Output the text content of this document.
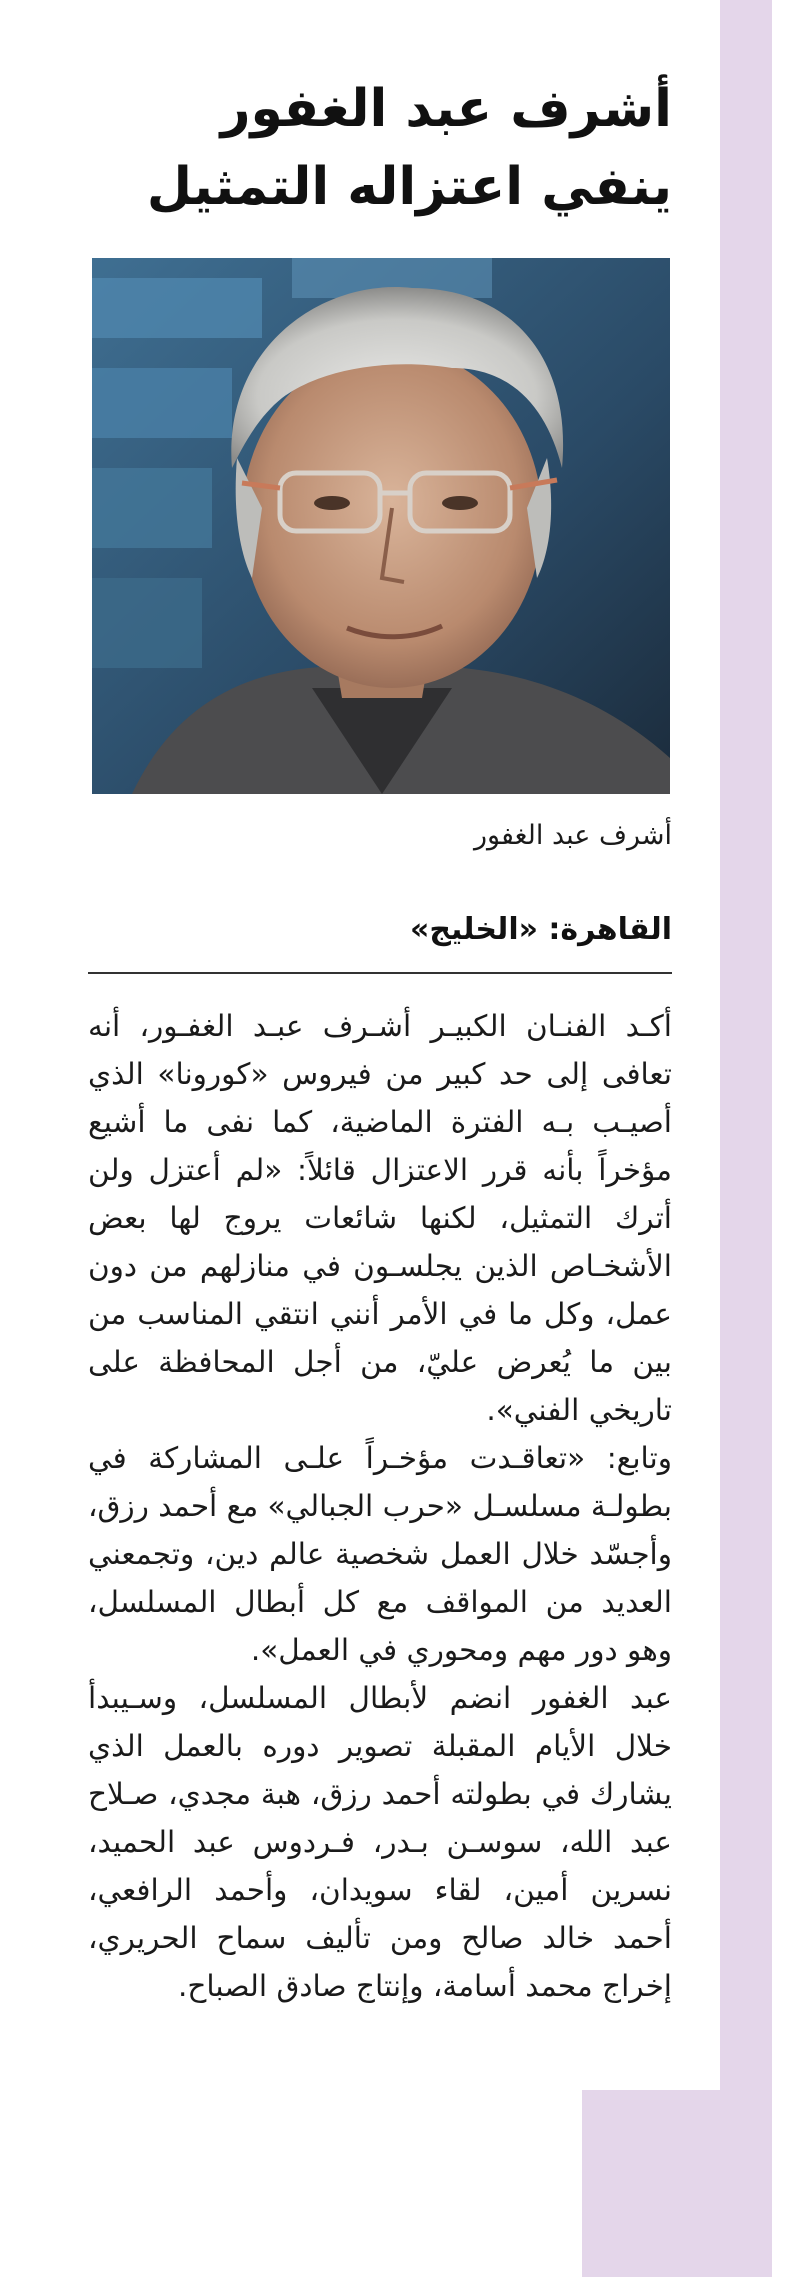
أشرف عبد الغفور
ينفي اعتزاله التمثيل
أشرف عبد الغفور
القاهرة: «الخليج»

أكـد الفنـان الكبيـر أشـرف عبـد الغفـور، أنه تعافى إلى حد كبير من فيروس «كورونا» الذي أصيـب بـه الفترة الماضية، كما نفى ما أشيع مؤخراً بأنه قرر الاعتزال قائلاً: «لم أعتزل ولن أترك التمثيل، لكنها شائعات يروج لها بعض الأشخـاص الذين يجلسـون في منازلهم من دون عمل، وكل ما في الأمر أنني انتقي المناسب من بين ما يُعرض عليّ، من أجل المحافظة على تاريخي الفني».

وتابع: «تعاقـدت مؤخـراً علـى المشاركة في بطولـة مسلسـل «حرب الجبالي» مع أحمد رزق، وأجسّد خلال العمل شخصية عالم دين، وتجمعني العديد من المواقف مع كل أبطال المسلسل، وهو دور مهم ومحوري في العمل».

عبد الغفور انضم لأبطال المسلسل، وسـيبدأ خلال الأيام المقبلة تصوير دوره بالعمل الذي يشارك في بطولته أحمد رزق، هبة مجدي، صـلاح عبد الله، سوسـن بـدر، فـردوس عبد الحميد، نسرين أمين، لقاء سويدان، وأحمد الرافعي، أحمد خالد صالح ومن تأليف سماح الحريري، إخراج محمد أسامة، وإنتاج صادق الصباح.
